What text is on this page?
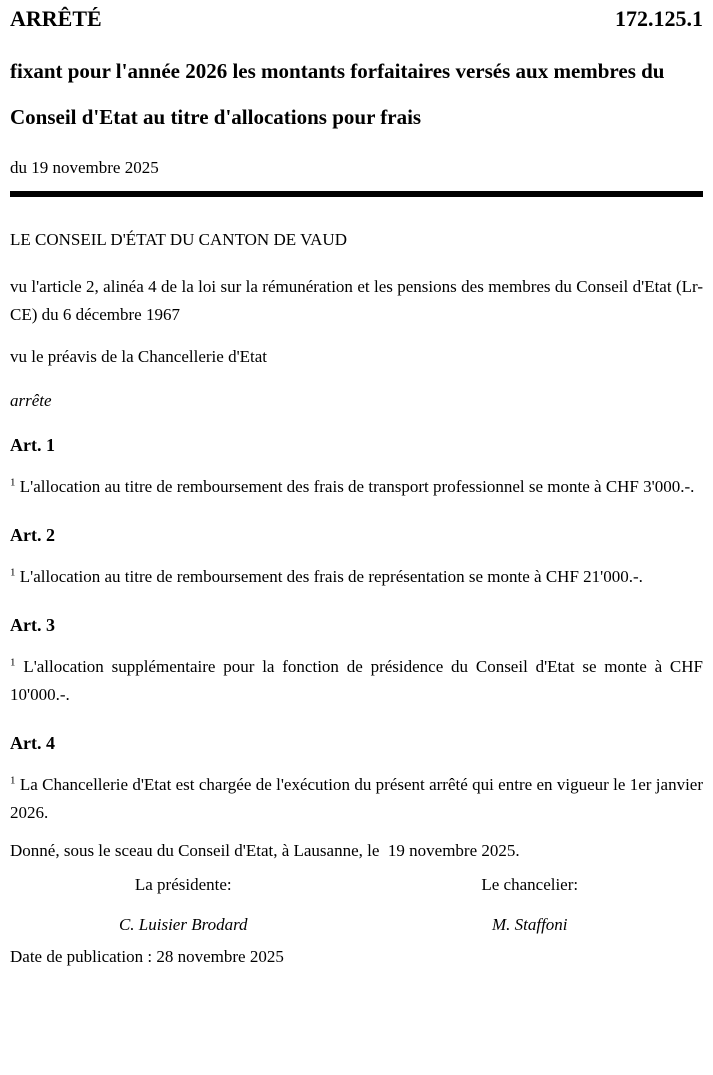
ARRÊTÉ	172.125.1
fixant pour l'année 2026 les montants forfaitaires versés aux membres du Conseil d'Etat au titre d'allocations pour frais
du 19 novembre 2025
LE CONSEIL D'ÉTAT DU CANTON DE VAUD

vu l'article 2, alinéa 4 de la loi sur la rémunération et les pensions des membres du Conseil d'Etat (Lr-CE) du 6 décembre 1967

vu le préavis de la Chancellerie d'Etat

arrête
Art. 1

$^1$ L'allocation au titre de remboursement des frais de transport professionnel se monte à CHF 3'000.-.

Art. 2

$^1$ L'allocation au titre de remboursement des frais de représentation se monte à CHF 21'000.-.

Art. 3

$^1$ L'allocation supplémentaire pour la fonction de présidence du Conseil d'Etat se monte à CHF 10'000.-.

Art. 4

$^1$ La Chancellerie d'Etat est chargée de l'exécution du présent arrêté qui entre en vigueur le 1er janvier 2026.

Donné, sous le sceau du Conseil d'Etat, à Lausanne, le  19 novembre 2025.
La présidente:	Le chancelier:
C. Luisier Brodard	M. Staffoni
Date de publication : 28 novembre 2025
